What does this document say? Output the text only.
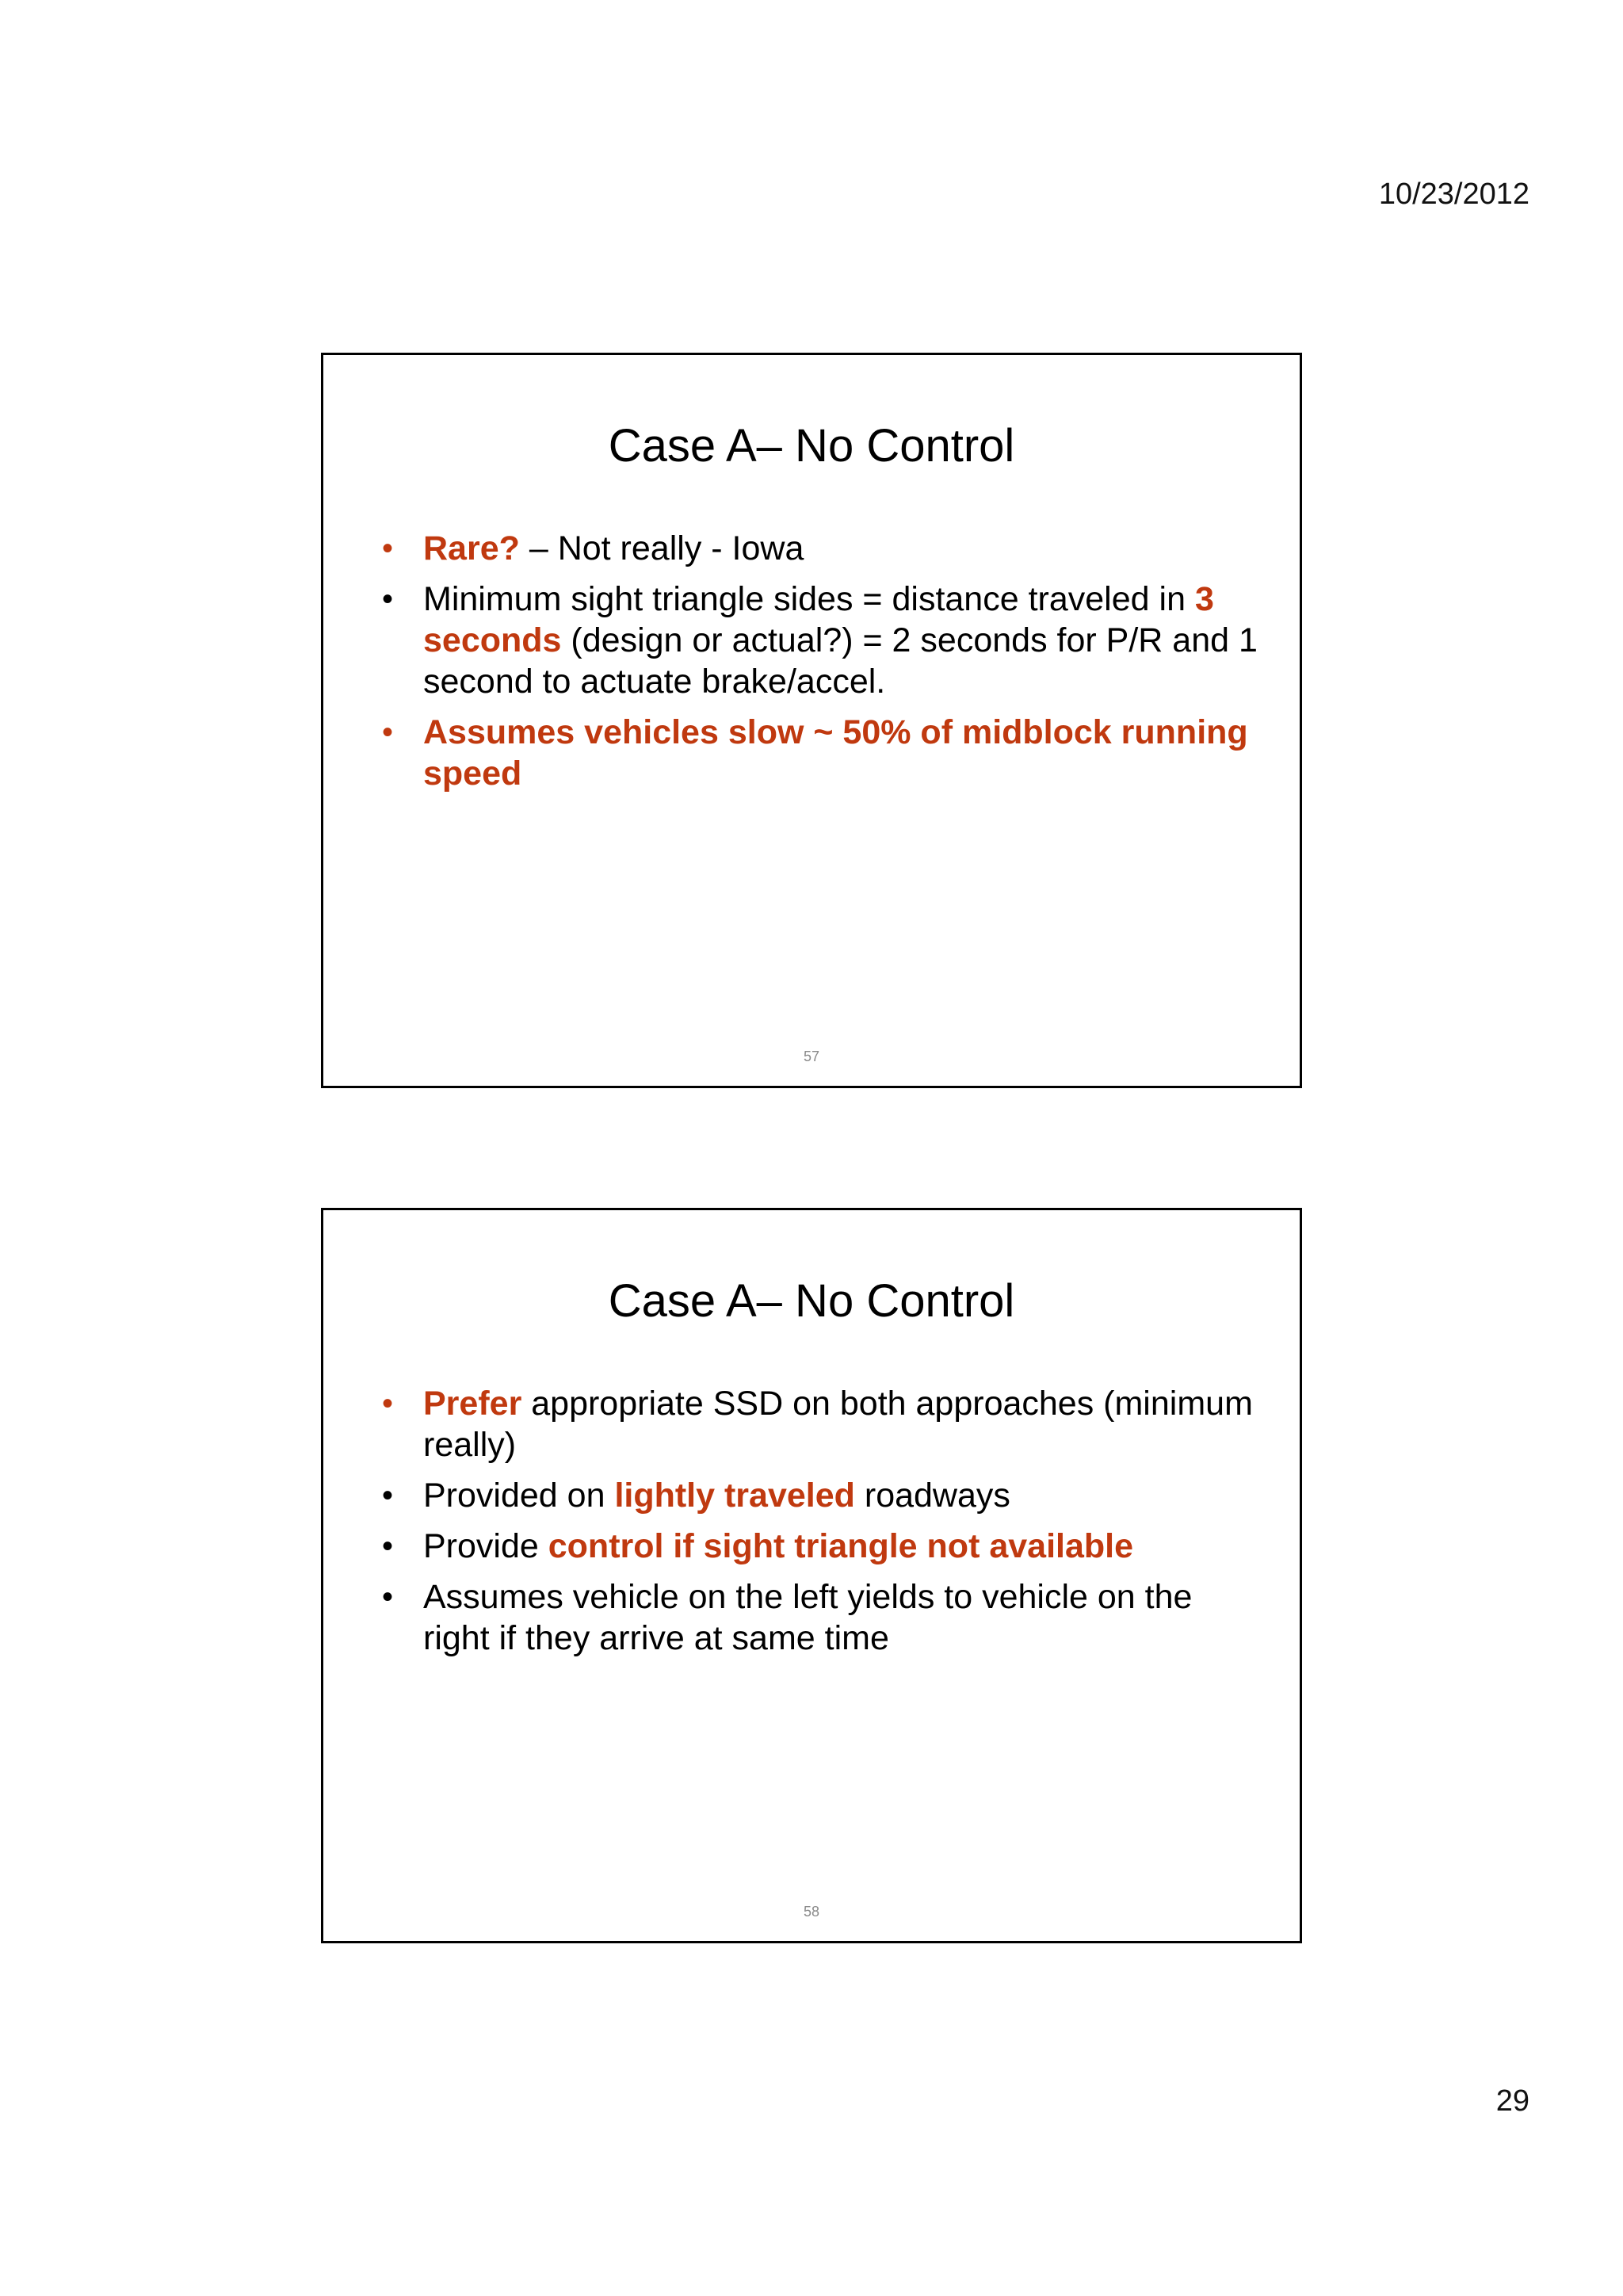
10/23/2012
Case A– No Control
• Rare? – Not really - Iowa
• Minimum sight triangle sides = distance traveled in 3 seconds (design or actual?) = 2 seconds for P/R and 1 second to actuate brake/accel.
• Assumes vehicles slow ~ 50% of midblock running speed
57
Case A– No Control
• Prefer appropriate SSD on both approaches (minimum really)
• Provided on lightly traveled roadways
• Provide control if sight triangle not available
• Assumes vehicle on the left yields to vehicle on the right if they arrive at same time
58
29
